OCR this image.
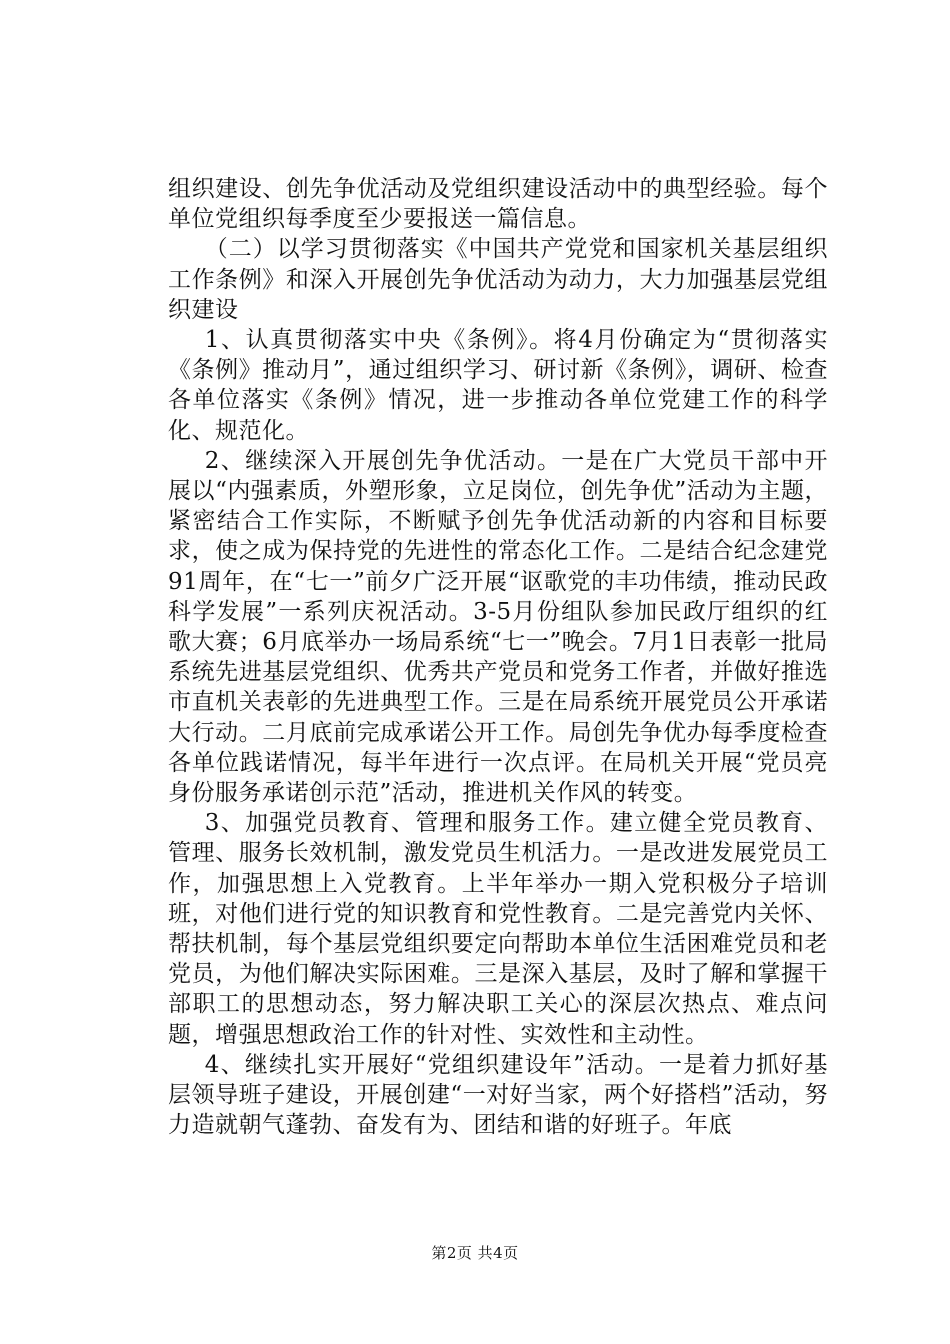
组织建设、创先争优活动及党组织建设活动中的典型经验。每个单位党组织每季度至少要报送一篇信息。

（二）以学习贯彻落实《中国共产党党和国家机关基层组织工作条例》和深入开展创先争优活动为动力，大力加强基层党组织建设

1、认真贯彻落实中央《条例》。将4月份确定为“贯彻落实《条例》推动月”，通过组织学习、研讨新《条例》，调研、检查各单位落实《条例》情况，进一步推动各单位党建工作的科学化、规范化。

2、继续深入开展创先争优活动。一是在广大党员干部中开展以“内强素质，外塑形象，立足岗位，创先争优”活动为主题，紧密结合工作实际，不断赋予创先争优活动新的内容和目标要求，使之成为保持党的先进性的常态化工作。二是结合纪念建党91周年，在“七一”前夕广泛开展“讴歌党的丰功伟绩，推动民政科学发展”一系列庆祝活动。3-5月份组队参加民政厅组织的红歌大赛；6月底举办一场局系统“七一”晚会。7月1日表彰一批局系统先进基层党组织、优秀共产党员和党务工作者，并做好推选市直机关表彰的先进典型工作。三是在局系统开展党员公开承诺大行动。二月底前完成承诺公开工作。局创先争优办每季度检查各单位践诺情况，每半年进行一次点评。在局机关开展“党员亮身份服务承诺创示范”活动，推进机关作风的转变。

3、加强党员教育、管理和服务工作。建立健全党员教育、管理、服务长效机制，激发党员生机活力。一是改进发展党员工作，加强思想上入党教育。上半年举办一期入党积极分子培训班，对他们进行党的知识教育和党性教育。二是完善党内关怀、帮扶机制，每个基层党组织要定向帮助本单位生活困难党员和老党员，为他们解决实际困难。三是深入基层，及时了解和掌握干部职工的思想动态，努力解决职工关心的深层次热点、难点问题，增强思想政治工作的针对性、实效性和主动性。

4、继续扎实开展好“党组织建设年”活动。一是着力抓好基层领导班子建设，开展创建“一对好当家，两个好搭档”活动，努力造就朝气蓬勃、奋发有为、团结和谐的好班子。年底

第2页 共4页
